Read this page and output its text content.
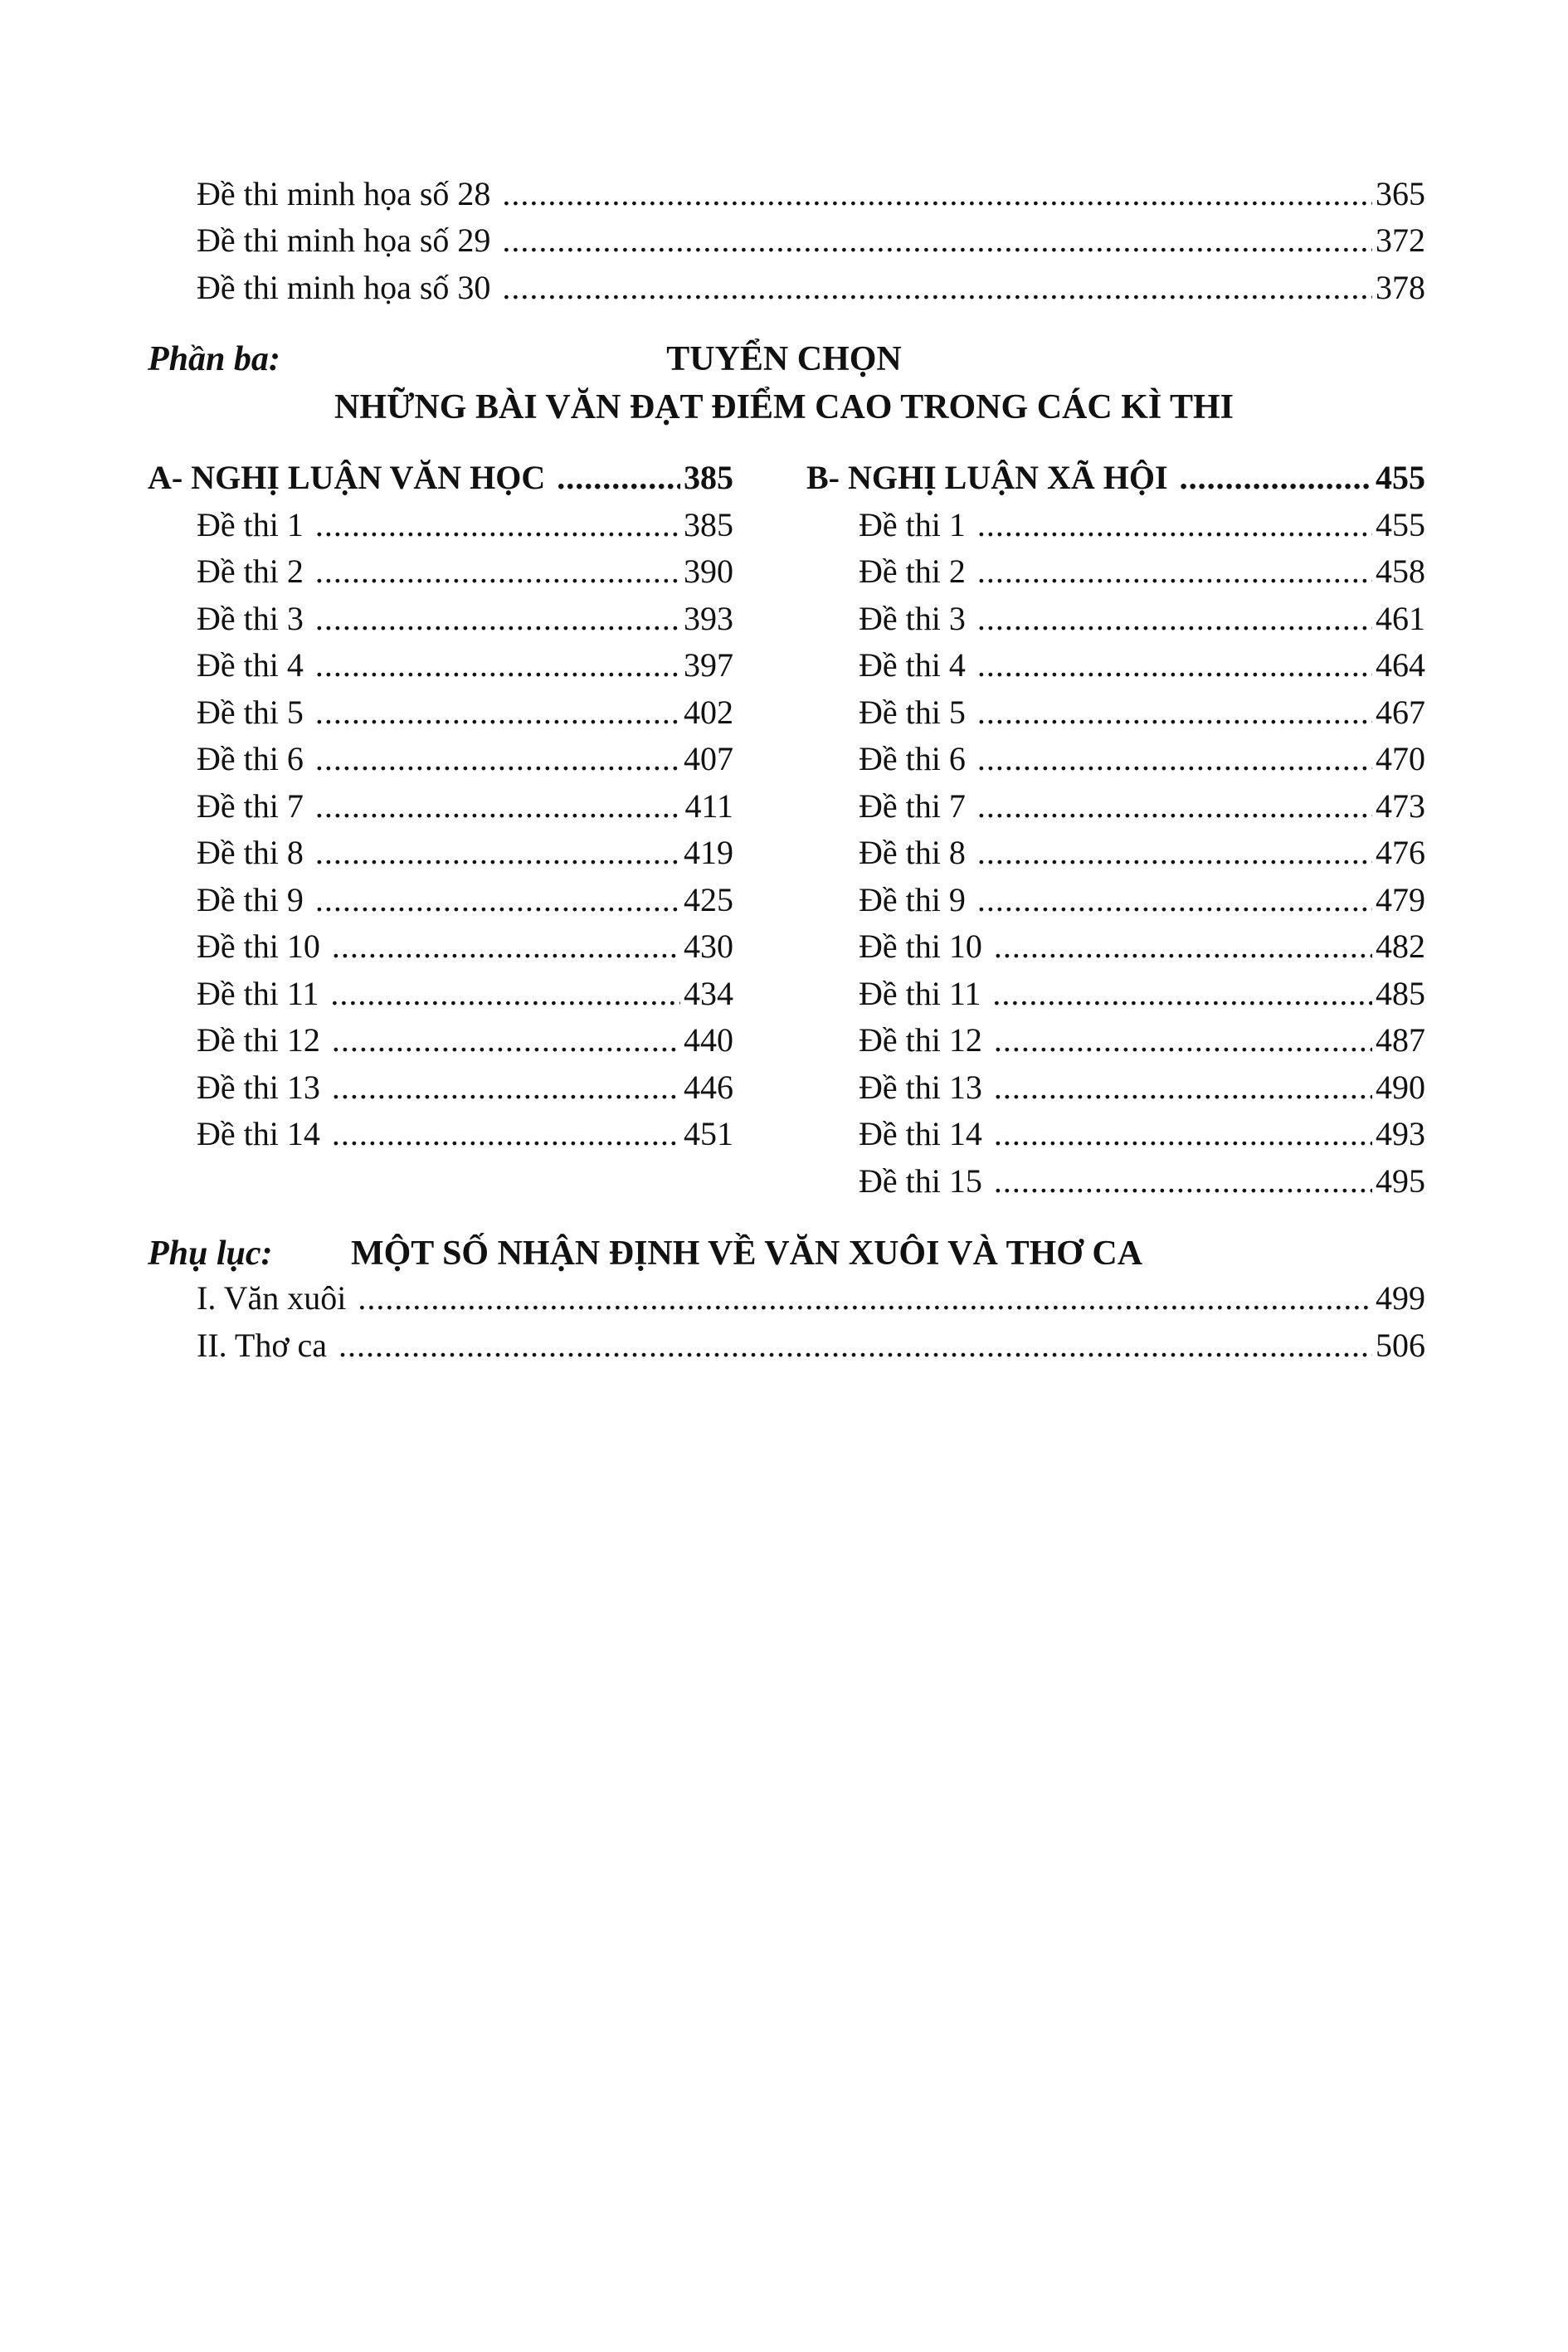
Đề thi minh họa số 28 .....	365
Đề thi minh họa số 29 .....	372
Đề thi minh họa số 30 .....	378
Phần ba:	TUYỂN CHỌN
NHỮNG BÀI VĂN ĐẠT ĐIỂM CAO TRONG CÁC KÌ THI
A- NGHỊ LUẬN VĂN HỌC .....	385
Đề thi 1 .....	385
Đề thi 2 .....	390
Đề thi 3 .....	393
Đề thi 4 .....	397
Đề thi 5 .....	402
Đề thi 6 .....	407
Đề thi 7 .....	411
Đề thi 8 .....	419
Đề thi 9 .....	425
Đề thi 10 .....	430
Đề thi 11 .....	434
Đề thi 12 .....	440
Đề thi 13 .....	446
Đề thi 14 .....	451
B- NGHỊ LUẬN XÃ HỘI .....	455
Đề thi 1 .....	455
Đề thi 2 .....	458
Đề thi 3 .....	461
Đề thi 4 .....	464
Đề thi 5 .....	467
Đề thi 6 .....	470
Đề thi 7 .....	473
Đề thi 8 .....	476
Đề thi 9 .....	479
Đề thi 10 .....	482
Đề thi 11 .....	485
Đề thi 12 .....	487
Đề thi 13 .....	490
Đề thi 14 .....	493
Đề thi 15 .....	495
Phụ lục: MỘT SỐ NHẬN ĐỊNH VỀ VĂN XUÔI VÀ THƠ CA
I. Văn xuôi .....	499
II. Thơ ca .....	506
